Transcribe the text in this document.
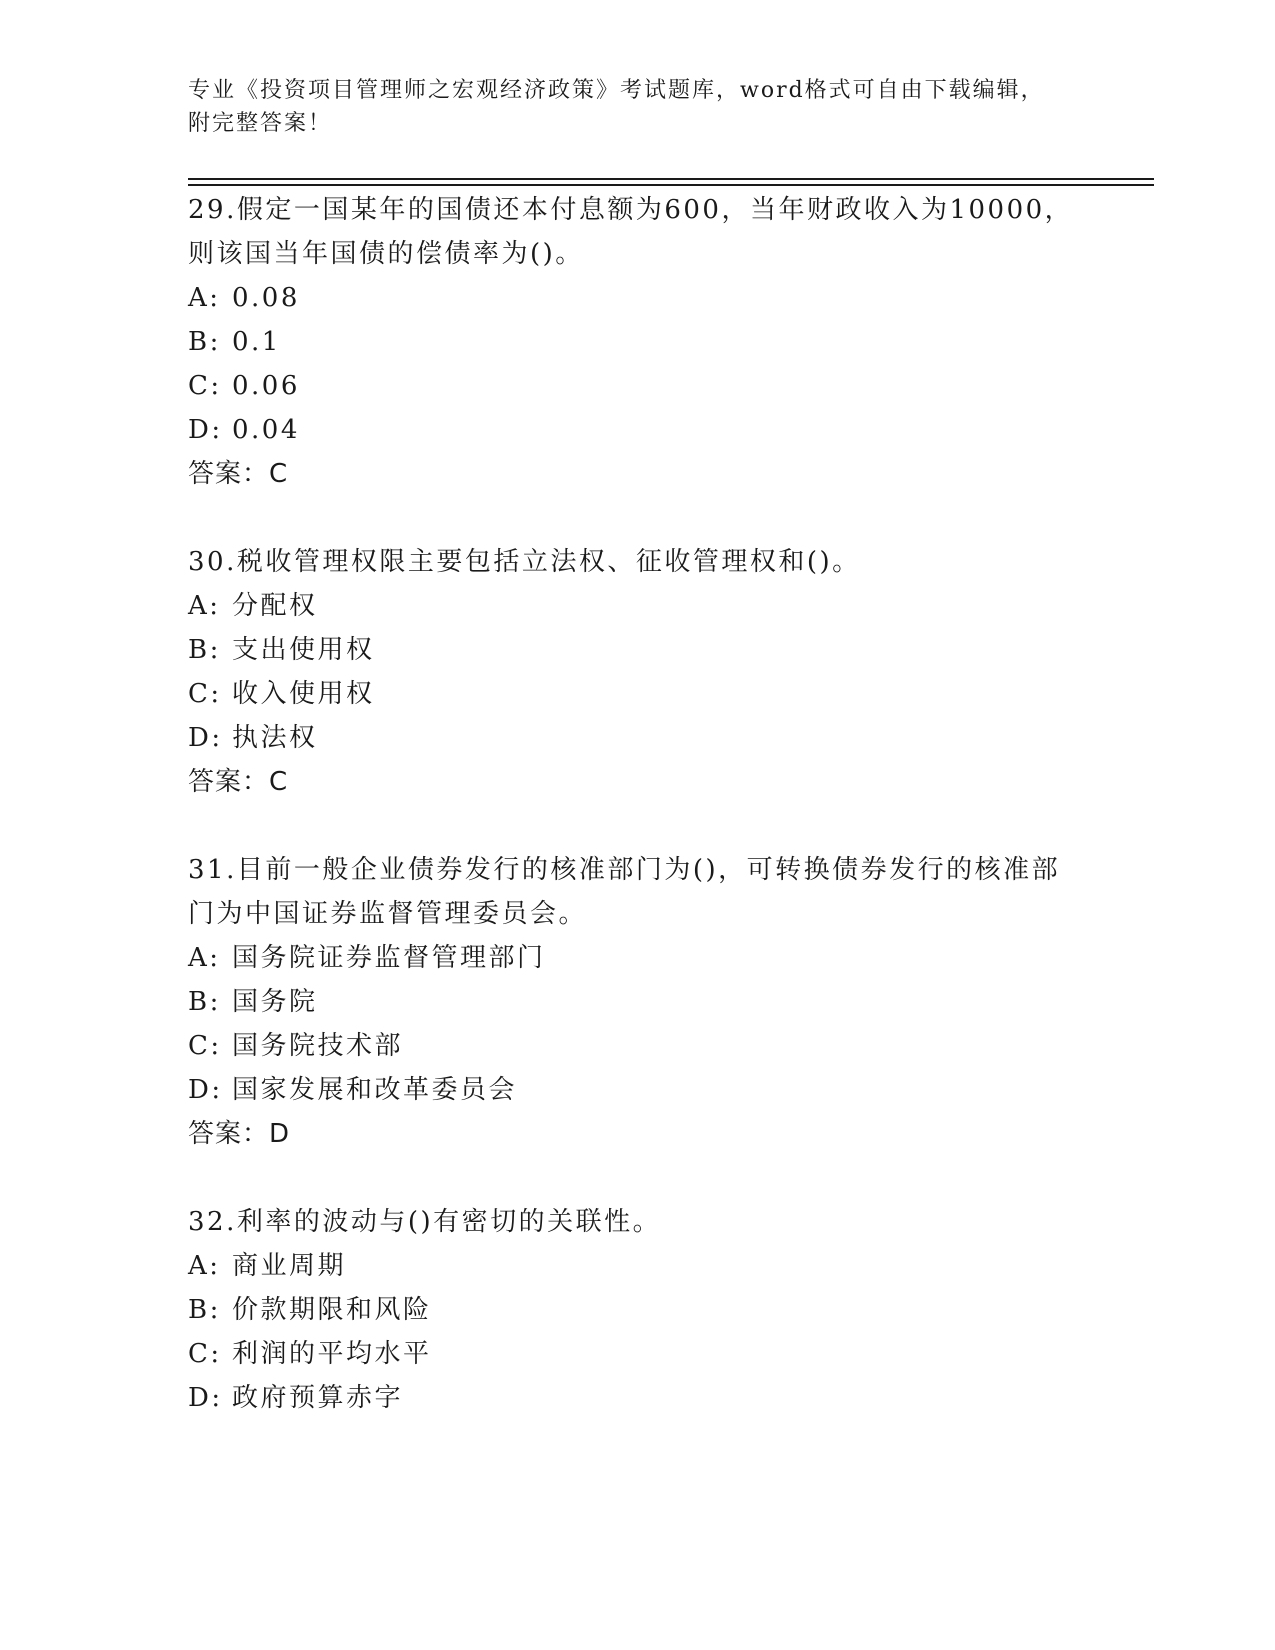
专业《投资项目管理师之宏观经济政策》考试题库，word格式可自由下载编辑，
附完整答案！
29.假定一国某年的国债还本付息额为600，当年财政收入为10000，
则该国当年国债的偿债率为()。
A: 0.08
B: 0.1
C: 0.06
D: 0.04
答案：C
30.税收管理权限主要包括立法权、征收管理权和()。
A: 分配权
B: 支出使用权
C: 收入使用权
D: 执法权
答案：C
31.目前一般企业债券发行的核准部门为()，可转换债券发行的核准部
门为中国证券监督管理委员会。
A: 国务院证券监督管理部门
B: 国务院
C: 国务院技术部
D: 国家发展和改革委员会
答案：D
32.利率的波动与()有密切的关联性。
A: 商业周期
B: 价款期限和风险
C: 利润的平均水平
D: 政府预算赤字
